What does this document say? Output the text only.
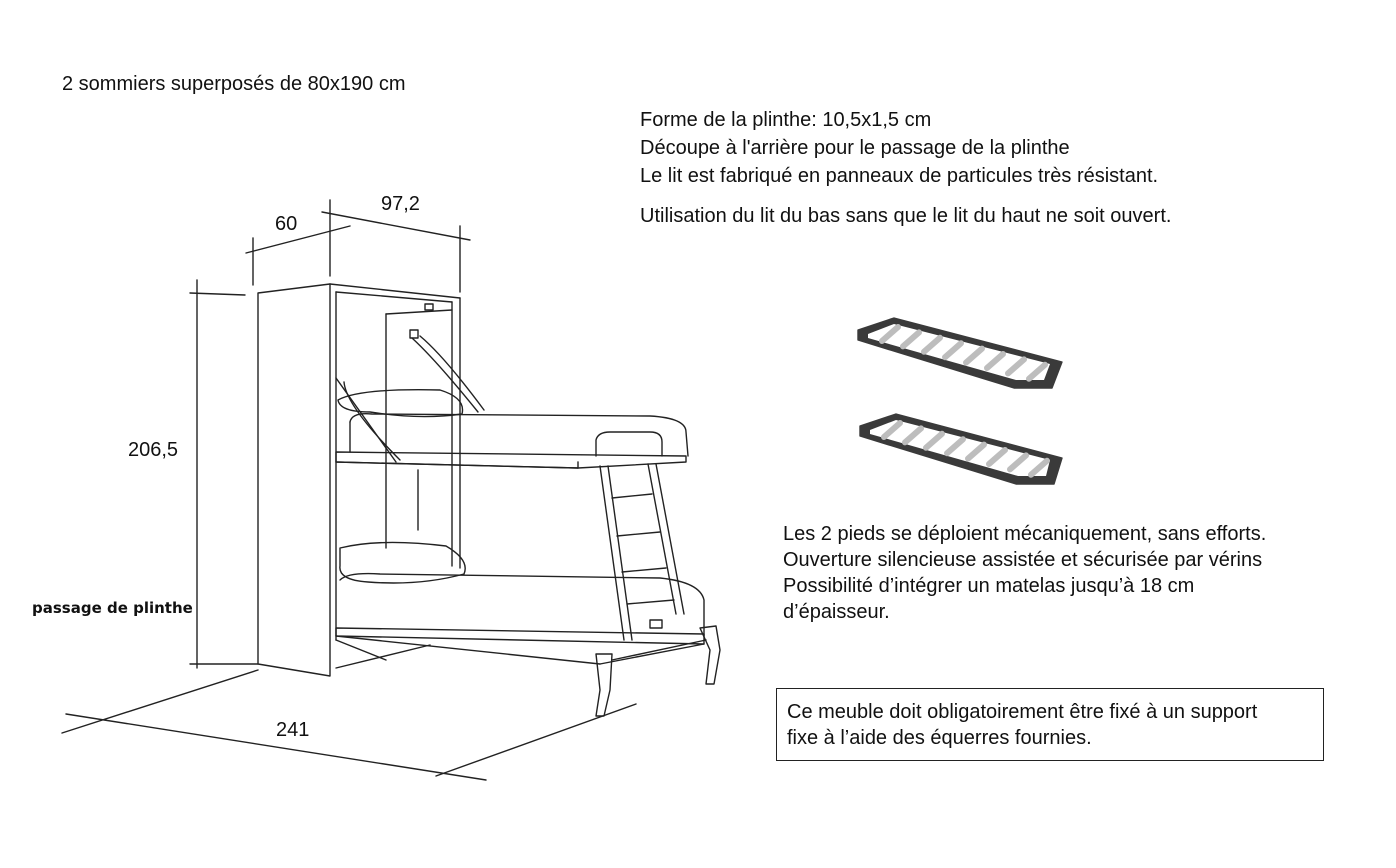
2 sommiers superposés de 80x190 cm
Forme de la plinthe: 10,5x1,5 cm
Découpe à l'arrière pour le passage de la plinthe
Le lit est fabriqué en panneaux de particules très résistant.
Utilisation du lit du bas sans que le lit du haut ne soit ouvert.
60
97,2
206,5
241
passage de plinthe
Les 2 pieds se déploient mécaniquement, sans efforts.
Ouverture silencieuse assistée et sécurisée par vérins
Possibilité d’intégrer un matelas jusqu’à 18 cm
d’épaisseur.
Ce meuble doit obligatoirement être fixé à un support
fixe à l’aide des équerres fournies.
